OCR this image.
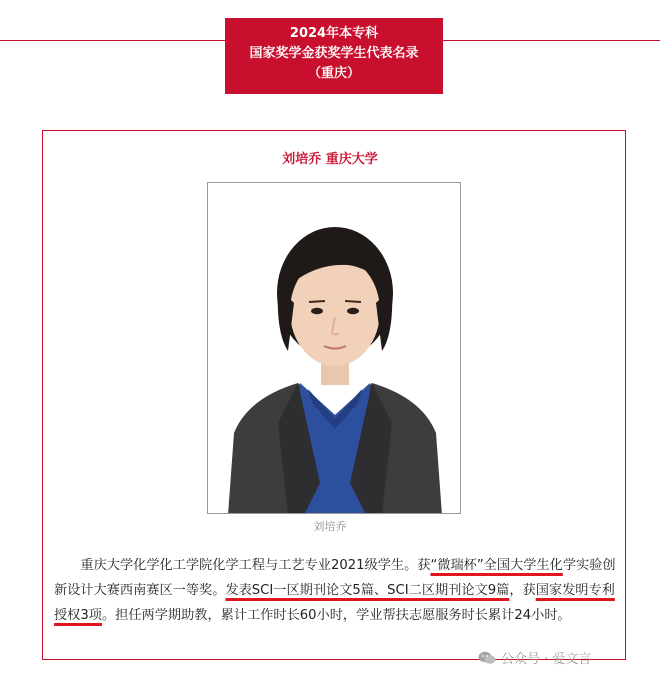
2024年本专科
国家奖学金获奖学生代表名录
（重庆）
刘培乔 重庆大学
刘培乔

重庆大学化学化工学院化学工程与工艺专业2021级学生。获“微瑞杯”全国大学生化学实验创新设计大赛西南赛区一等奖。发表SCI一区期刊论文5篇、SCI二区期刊论文9篇，获国家发明专利授权3项。担任两学期助教，累计工作时长60小时，学业帮扶志愿服务时长累计24小时。

公众号 · 爱文言
